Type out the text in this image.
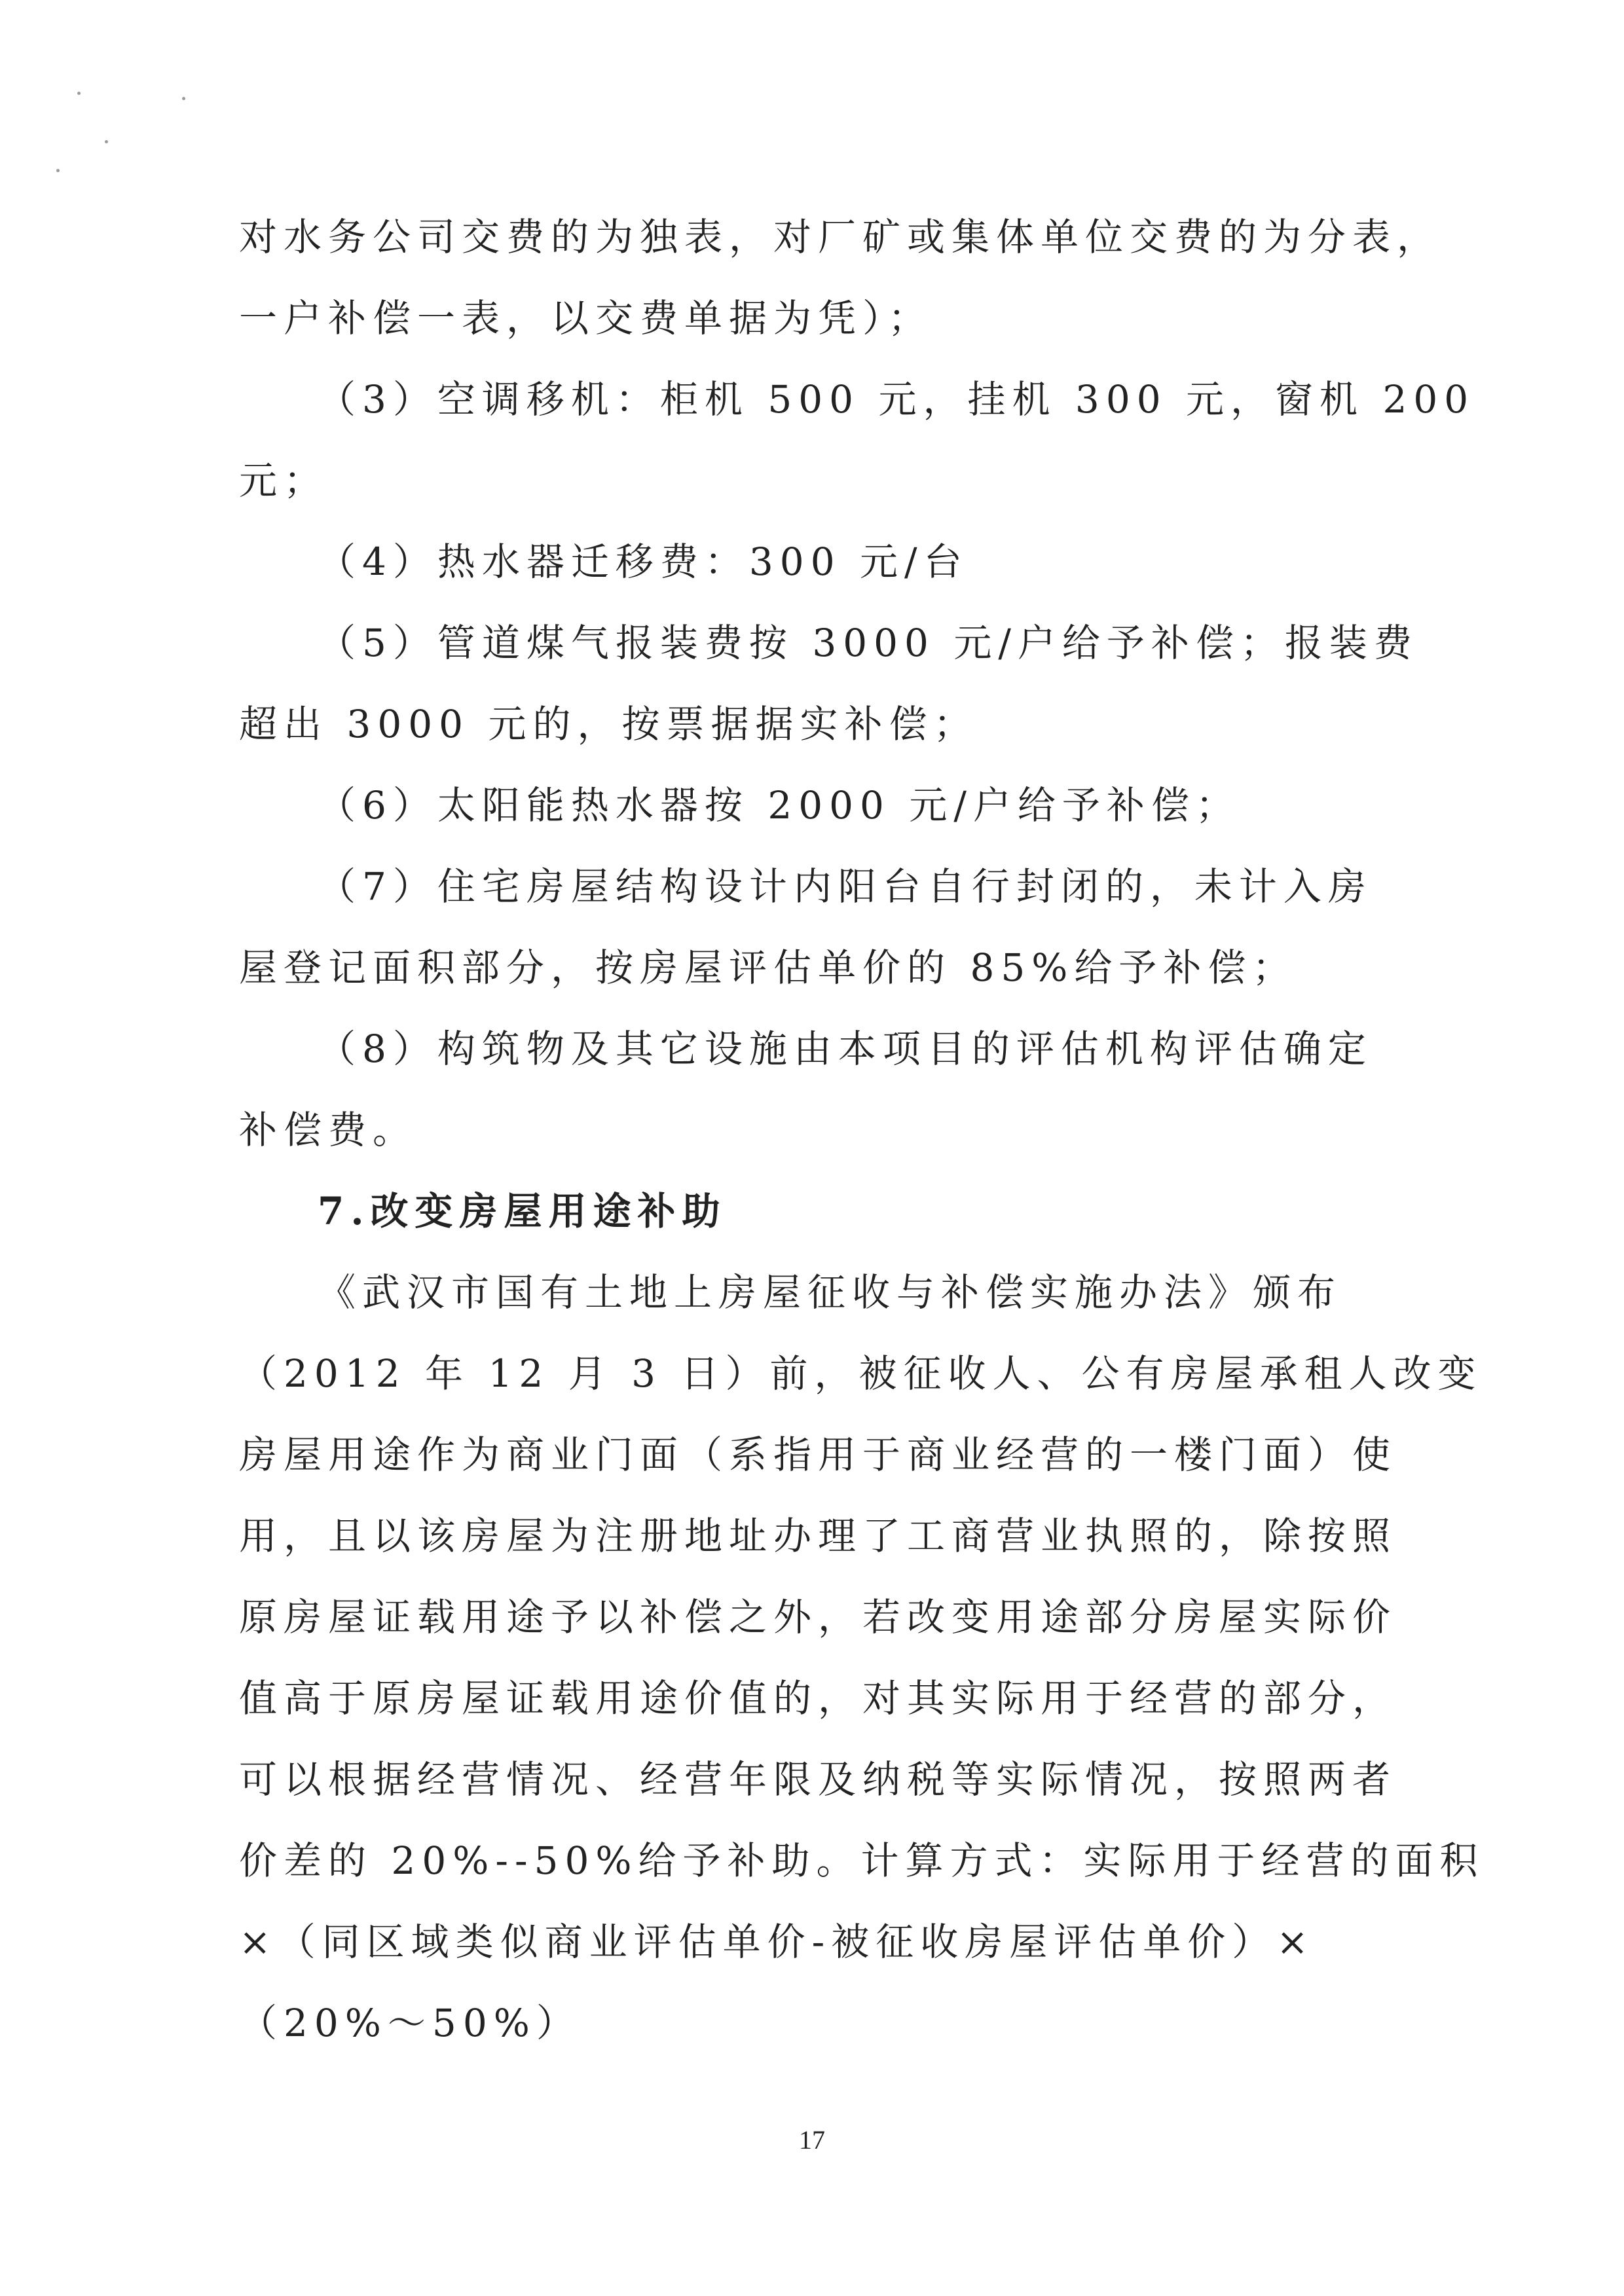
对水务公司交费的为独表，对厂矿或集体单位交费的为分表，
一户补偿一表，以交费单据为凭）；
（3）空调移机：柜机 500 元，挂机 300 元，窗机 200
元；
（4）热水器迁移费：300 元/台
（5）管道煤气报装费按 3000 元/户给予补偿；报装费
超出 3000 元的，按票据据实补偿；
（6）太阳能热水器按 2000 元/户给予补偿；
（7）住宅房屋结构设计内阳台自行封闭的，未计入房
屋登记面积部分，按房屋评估单价的 85%给予补偿；
（8）构筑物及其它设施由本项目的评估机构评估确定
补偿费。
7.改变房屋用途补助
《武汉市国有土地上房屋征收与补偿实施办法》颁布
（2012 年 12 月 3 日）前，被征收人、公有房屋承租人改变
房屋用途作为商业门面（系指用于商业经营的一楼门面）使
用，且以该房屋为注册地址办理了工商营业执照的，除按照
原房屋证载用途予以补偿之外，若改变用途部分房屋实际价
值高于原房屋证载用途价值的，对其实际用于经营的部分，
可以根据经营情况、经营年限及纳税等实际情况，按照两者
价差的 20%--50%给予补助。计算方式：实际用于经营的面积
×（同区域类似商业评估单价-被征收房屋评估单价）×
（20%～50%）
17
